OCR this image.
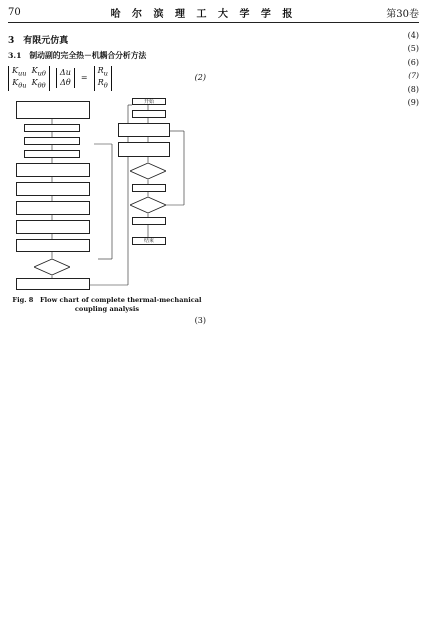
70	哈 尔 滨 理 工 大 学 学 报	第30卷
3　有限元仿真
3.1　制动副的完全热－机耦合分析方法

$K_{uu}$  $K_{u\theta}$
$K_{\theta u}$  $K_{\theta\theta}$
Δu
Δθ
=
$R_u$
$R_\theta$
(2)

开始
结束
Fig. 8　Flow chart of complete thermal-mechanical coupling analysis

(3)

(4)

(5)

(6)

(7)

(8)

(9)
